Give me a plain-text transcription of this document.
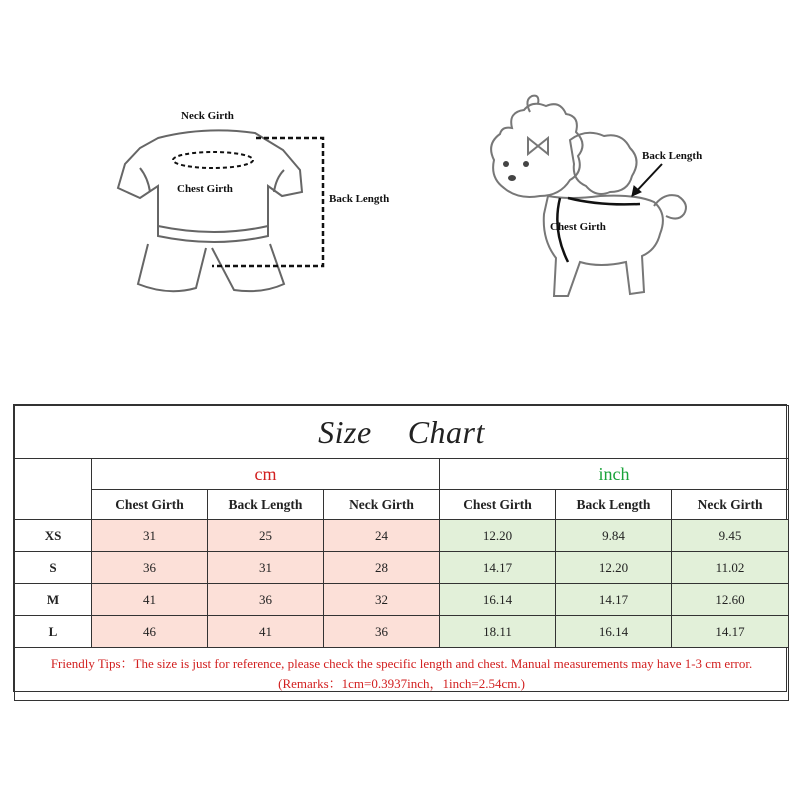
Neck Girth
Chest Girth
Back Length
Back Length
Chest Girth
Size Chart						
	cm			inch		
	Chest Girth	Back Length	Neck Girth	Chest Girth	Back Length	Neck Girth
XS	31	25	24	12.20	9.84	9.45
S	36	31	28	14.17	12.20	11.02
M	41	36	32	16.14	14.17	12.60
L	46	41	36	18.11	16.14	14.17
Friendly Tips：The size is just for reference, please check the specific length and chest. Manual measurements may have 1-3 cm error. (Remarks：1cm=0.3937inch，1inch=2.54cm.)						
